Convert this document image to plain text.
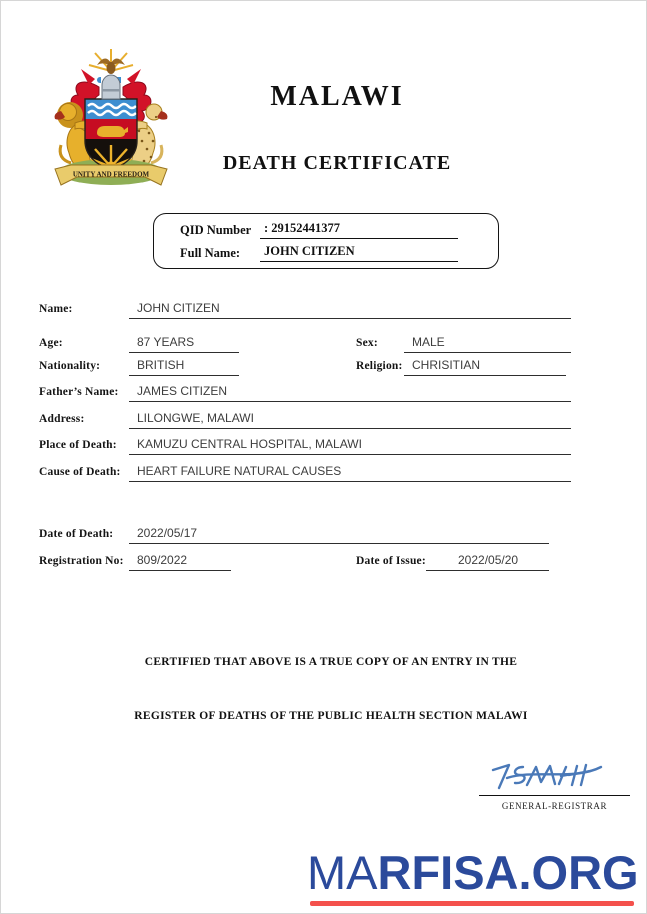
UNITY AND FREEDOM
MALAWI
DEATH CERTIFICATE
QID Number	: 29152441377
Full Name:	JOHN CITIZEN
Name:	JOHN CITIZEN
Age:	87 YEARS	Sex:	MALE
Nationality:	BRITISH	Religion: CHRISITIAN
Father’s Name:	JAMES CITIZEN
Address:	LILONGWE, MALAWI
Place of Death:	KAMUZU CENTRAL HOSPITAL, MALAWI
Cause of Death:	HEART FAILURE NATURAL CAUSES
Date of Death:	2022/05/17
Registration No:	809/2022	Date of Issue:	2022/05/20
CERTIFIED THAT ABOVE IS A TRUE COPY OF AN ENTRY IN THE
REGISTER OF DEATHS OF THE PUBLIC HEALTH SECTION MALAWI
GENERAL-REGISTRAR
MARFISA.ORG
